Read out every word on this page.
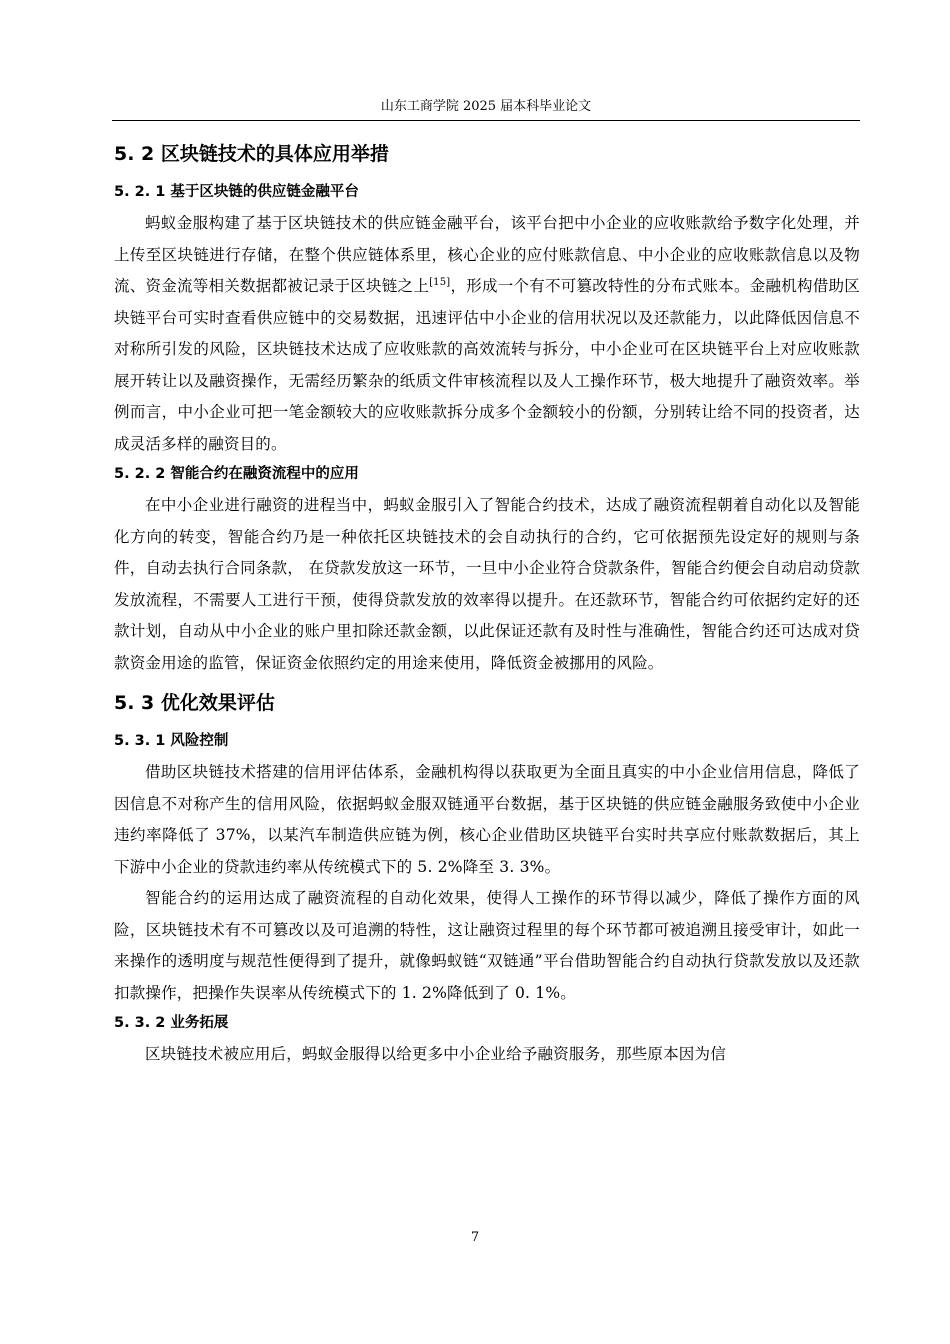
山东工商学院 2025 届本科毕业论文
5. 2 区块链技术的具体应用举措
5. 2. 1 基于区块链的供应链金融平台

蚂蚁金服构建了基于区块链技术的供应链金融平台，该平台把中小企业的应收账款给予数字化处理，并上传至区块链进行存储，在整个供应链体系里，核心企业的应付账款信息、中小企业的应收账款信息以及物流、资金流等相关数据都被记录于区块链之上[15]，形成一个有不可篡改特性的分布式账本。金融机构借助区块链平台可实时查看供应链中的交易数据，迅速评估中小企业的信用状况以及还款能力，以此降低因信息不对称所引发的风险，区块链技术达成了应收账款的高效流转与拆分，中小企业可在区块链平台上对应收账款展开转让以及融资操作，无需经历繁杂的纸质文件审核流程以及人工操作环节，极大地提升了融资效率。举例而言，中小企业可把一笔金额较大的应收账款拆分成多个金额较小的份额，分别转让给不同的投资者，达成灵活多样的融资目的。

5. 2. 2 智能合约在融资流程中的应用

在中小企业进行融资的进程当中，蚂蚁金服引入了智能合约技术，达成了融资流程朝着自动化以及智能化方向的转变，智能合约乃是一种依托区块链技术的会自动执行的合约，它可依据预先设定好的规则与条件，自动去执行合同条款， 在贷款发放这一环节，一旦中小企业符合贷款条件，智能合约便会自动启动贷款发放流程，不需要人工进行干预，使得贷款发放的效率得以提升。在还款环节，智能合约可依据约定好的还款计划，自动从中小企业的账户里扣除还款金额，以此保证还款有及时性与准确性，智能合约还可达成对贷款资金用途的监管，保证资金依照约定的用途来使用，降低资金被挪用的风险。

5. 3 优化效果评估
5. 3. 1 风险控制

借助区块链技术搭建的信用评估体系，金融机构得以获取更为全面且真实的中小企业信用信息，降低了因信息不对称产生的信用风险，依据蚂蚁金服双链通平台数据，基于区块链的供应链金融服务致使中小企业违约率降低了 37%，以某汽车制造供应链为例，核心企业借助区块链平台实时共享应付账款数据后，其上下游中小企业的贷款违约率从传统模式下的 5. 2%降至 3. 3%。

智能合约的运用达成了融资流程的自动化效果，使得人工操作的环节得以减少，降低了操作方面的风险，区块链技术有不可篡改以及可追溯的特性，这让融资过程里的每个环节都可被追溯且接受审计，如此一来操作的透明度与规范性便得到了提升，就像蚂蚁链“双链通”平台借助智能合约自动执行贷款发放以及还款扣款操作，把操作失误率从传统模式下的 1. 2%降低到了 0. 1%。

5. 3. 2 业务拓展

区块链技术被应用后，蚂蚁金服得以给更多中小企业给予融资服务，那些原本因为信

7
